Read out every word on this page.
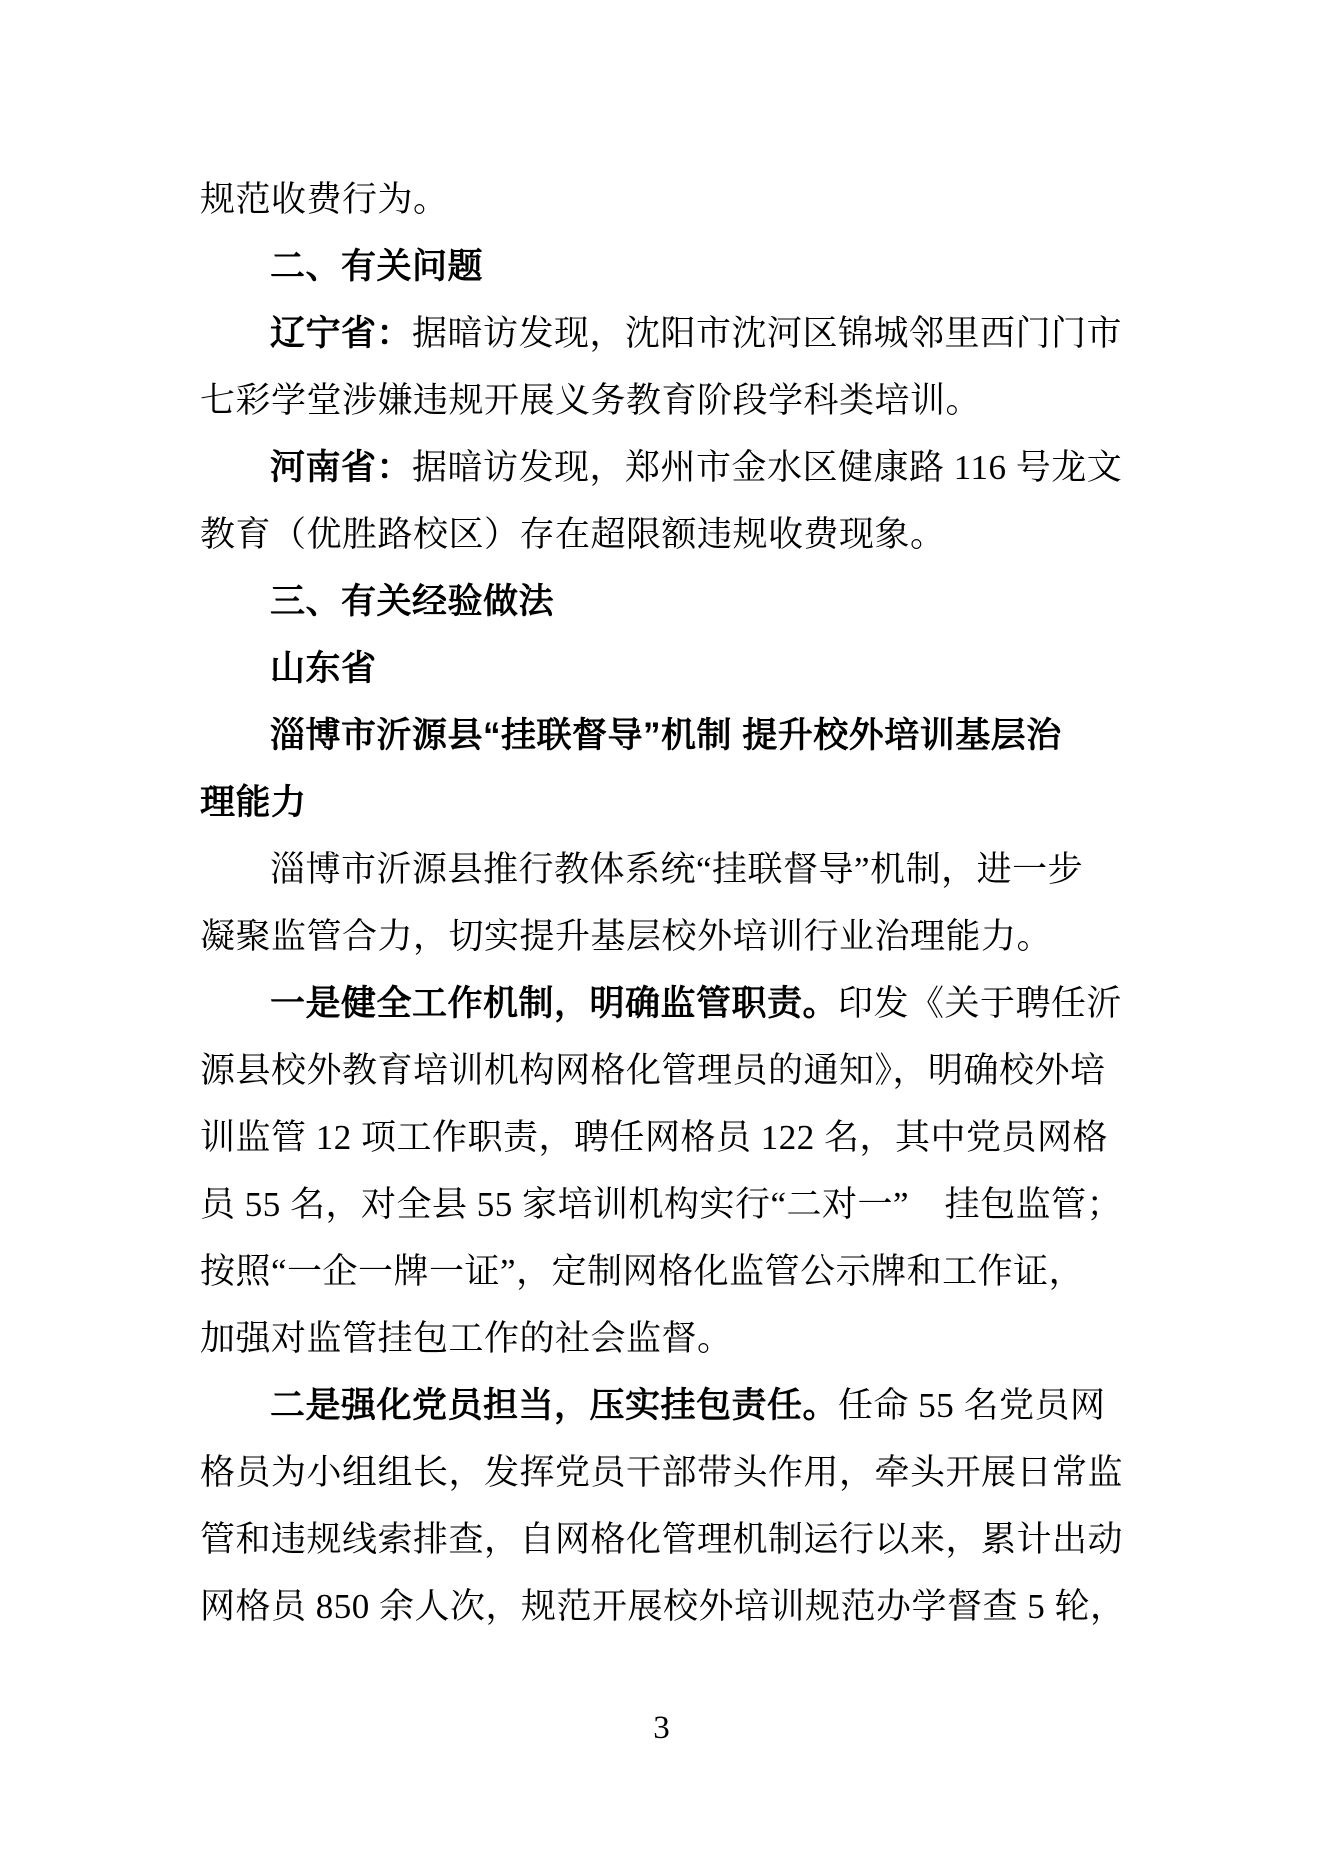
规范收费行为。
二、有关问题
辽宁省：据暗访发现，沈阳市沈河区锦城邻里西门门市
七彩学堂涉嫌违规开展义务教育阶段学科类培训。
河南省：据暗访发现，郑州市金水区健康路 116 号龙文
教育（优胜路校区）存在超限额违规收费现象。
三、有关经验做法
山东省
淄博市沂源县“挂联督导”机制 提升校外培训基层治
理能力
淄博市沂源县推行教体系统“挂联督导”机制，进一步
凝聚监管合力，切实提升基层校外培训行业治理能力。
一是健全工作机制，明确监管职责。印发《关于聘任沂
源县校外教育培训机构网格化管理员的通知》，明确校外培
训监管 12 项工作职责，聘任网格员 122 名，其中党员网格
员 55 名，对全县 55 家培训机构实行“二对一”　挂包监管；
按照“一企一牌一证”，定制网格化监管公示牌和工作证，
加强对监管挂包工作的社会监督。
二是强化党员担当，压实挂包责任。任命 55 名党员网
格员为小组组长，发挥党员干部带头作用，牵头开展日常监
管和违规线索排查，自网格化管理机制运行以来，累计出动
网格员 850 余人次，规范开展校外培训规范办学督查 5 轮，
3
